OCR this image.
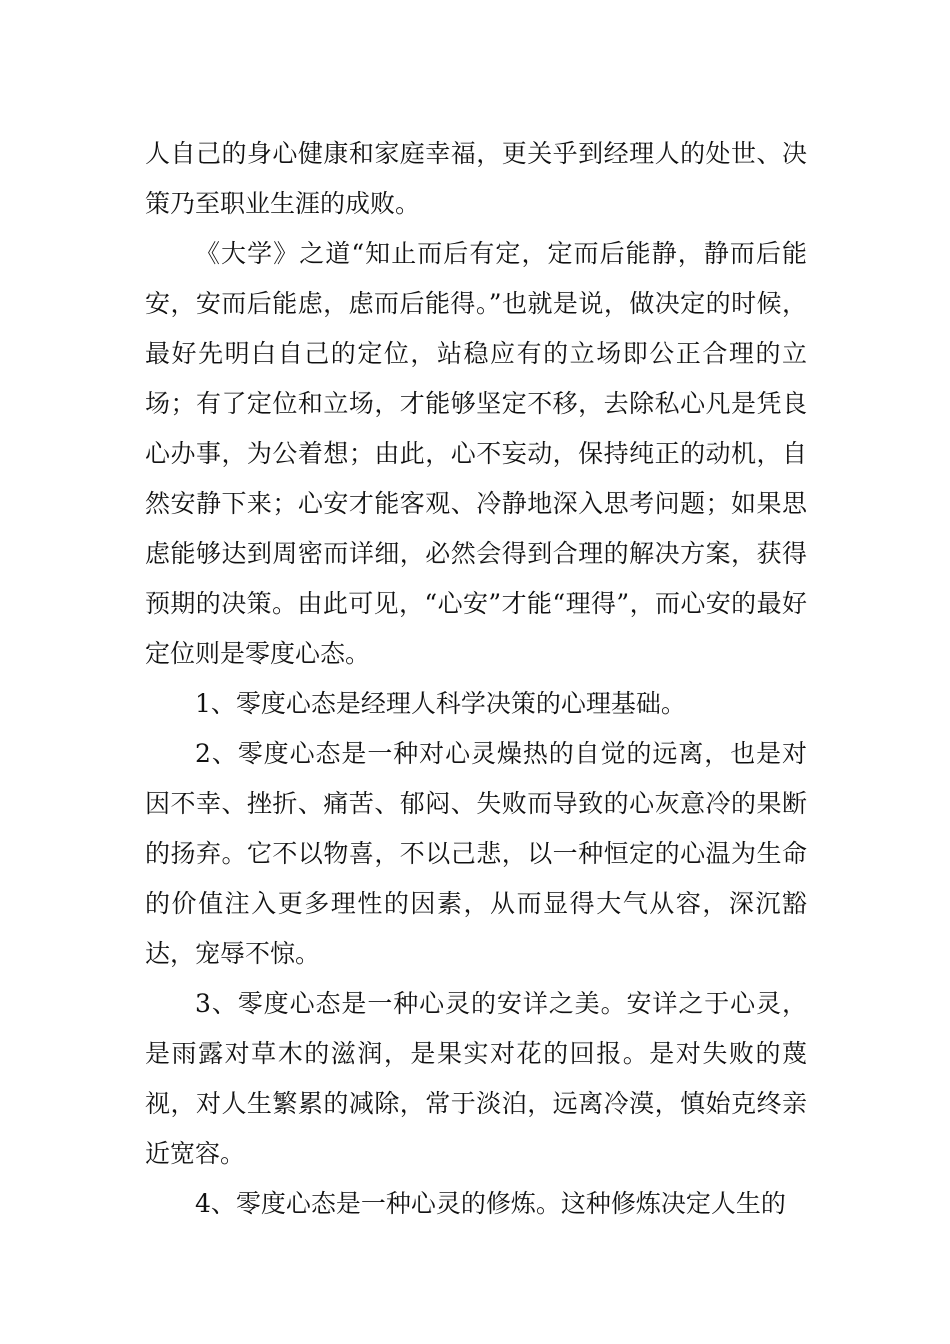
人自己的身心健康和家庭幸福，更关乎到经理人的处世、决策乃至职业生涯的成败。

《大学》之道“知止而后有定，定而后能静，静而后能安，安而后能虑，虑而后能得。”也就是说，做决定的时候，最好先明白自己的定位，站稳应有的立场即公正合理的立场；有了定位和立场，才能够坚定不移，去除私心凡是凭良心办事，为公着想；由此，心不妄动，保持纯正的动机，自然安静下来；心安才能客观、冷静地深入思考问题；如果思虑能够达到周密而详细，必然会得到合理的解决方案，获得预期的决策。由此可见，“心安”才能“理得”，而心安的最好定位则是零度心态。

1、零度心态是经理人科学决策的心理基础。

2、零度心态是一种对心灵燥热的自觉的远离，也是对因不幸、挫折、痛苦、郁闷、失败而导致的心灰意冷的果断的扬弃。它不以物喜，不以己悲，以一种恒定的心温为生命的价值注入更多理性的因素，从而显得大气从容，深沉豁达，宠辱不惊。

3、零度心态是一种心灵的安详之美。安详之于心灵，是雨露对草木的滋润，是果实对花的回报。是对失败的蔑视，对人生繁累的减除，常于淡泊，远离冷漠，慎始克终亲近宽容。

4、零度心态是一种心灵的修炼。这种修炼决定人生的
